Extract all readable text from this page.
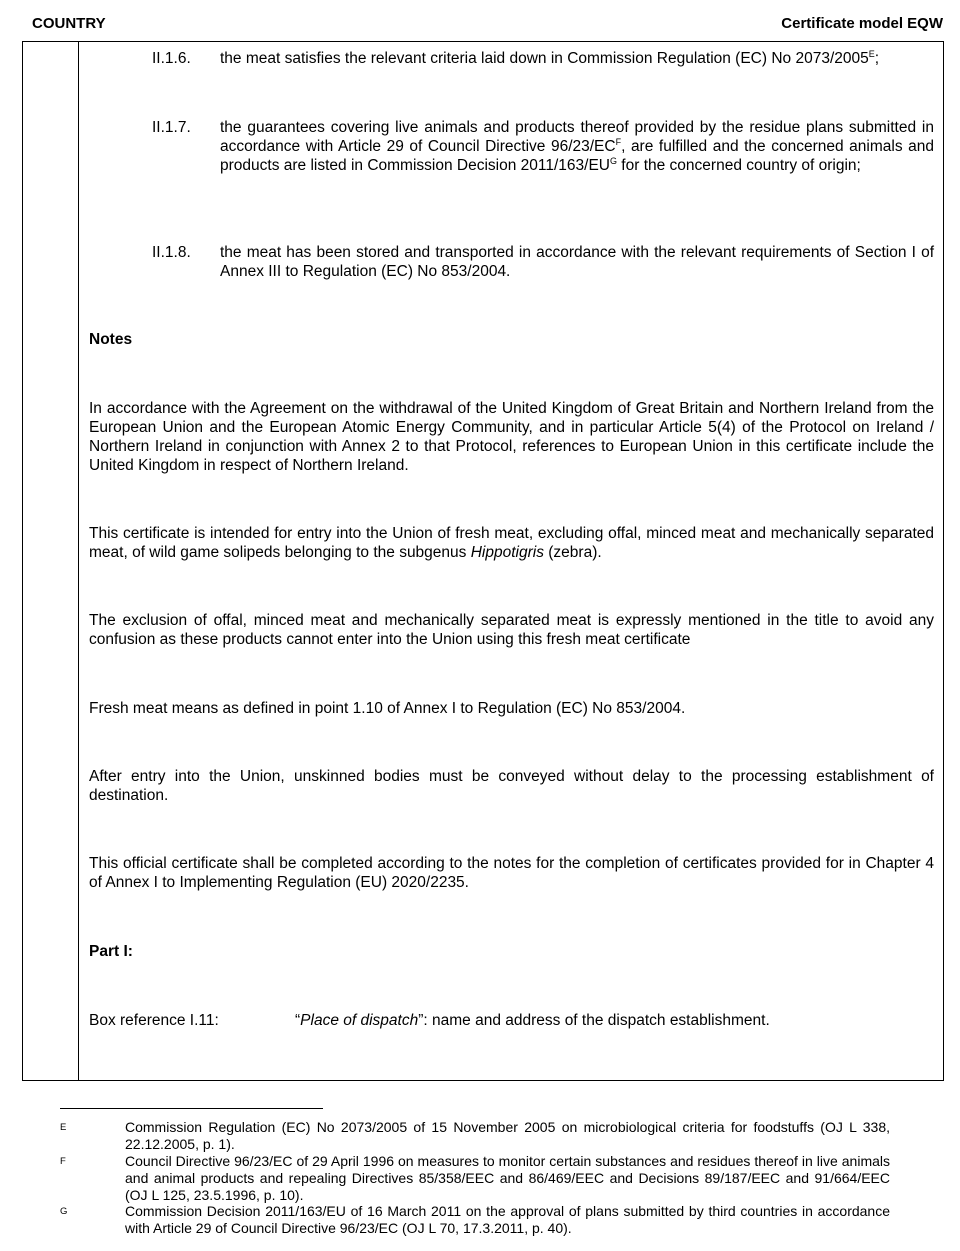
COUNTRY	Certificate model EQW
II.1.6. the meat satisfies the relevant criteria laid down in Commission Regulation (EC) No $2073/2005^E$;

II.1.7. the guarantees covering live animals and products thereof provided by the residue plans submitted in accordance with Article 29 of Council Directive $96/23/EC^F$, are fulfilled and the concerned animals and products are listed in Commission Decision $2011/163/EU^G$ for the concerned country of origin;

II.1.8. the meat has been stored and transported in accordance with the relevant requirements of Section I of Annex III to Regulation (EC) No 853/2004.

Notes

In accordance with the Agreement on the withdrawal of the United Kingdom of Great Britain and Northern Ireland from the European Union and the European Atomic Energy Community, and in particular Article 5(4) of the Protocol on Ireland / Northern Ireland in conjunction with Annex 2 to that Protocol, references to European Union in this certificate include the United Kingdom in respect of Northern Ireland.

This certificate is intended for entry into the Union of fresh meat, excluding offal, minced meat and mechanically separated meat, of wild game solipeds belonging to the subgenus Hippotigris (zebra).

The exclusion of offal, minced meat and mechanically separated meat is expressly mentioned in the title to avoid any confusion as these products cannot enter into the Union using this fresh meat certificate

Fresh meat means as defined in point 1.10 of Annex I to Regulation (EC) No 853/2004.

After entry into the Union, unskinned bodies must be conveyed without delay to the processing establishment of destination.

This official certificate shall be completed according to the notes for the completion of certificates provided for in Chapter 4 of Annex I to Implementing Regulation (EU) 2020/2235.

Part I:

Box reference I.11:	“Place of dispatch”: name and address of the dispatch establishment.
E	Commission Regulation (EC) No 2073/2005 of 15 November 2005 on microbiological criteria for foodstuffs (OJ L 338, 22.12.2005, p. 1).
F	Council Directive 96/23/EC of 29 April 1996 on measures to monitor certain substances and residues thereof in live animals and animal products and repealing Directives 85/358/EEC and 86/469/EEC and Decisions 89/187/EEC and 91/664/EEC (OJ L 125, 23.5.1996, p. 10).
G	Commission Decision 2011/163/EU of 16 March 2011 on the approval of plans submitted by third countries in accordance with Article 29 of Council Directive 96/23/EC (OJ L 70, 17.3.2011, p. 40).
